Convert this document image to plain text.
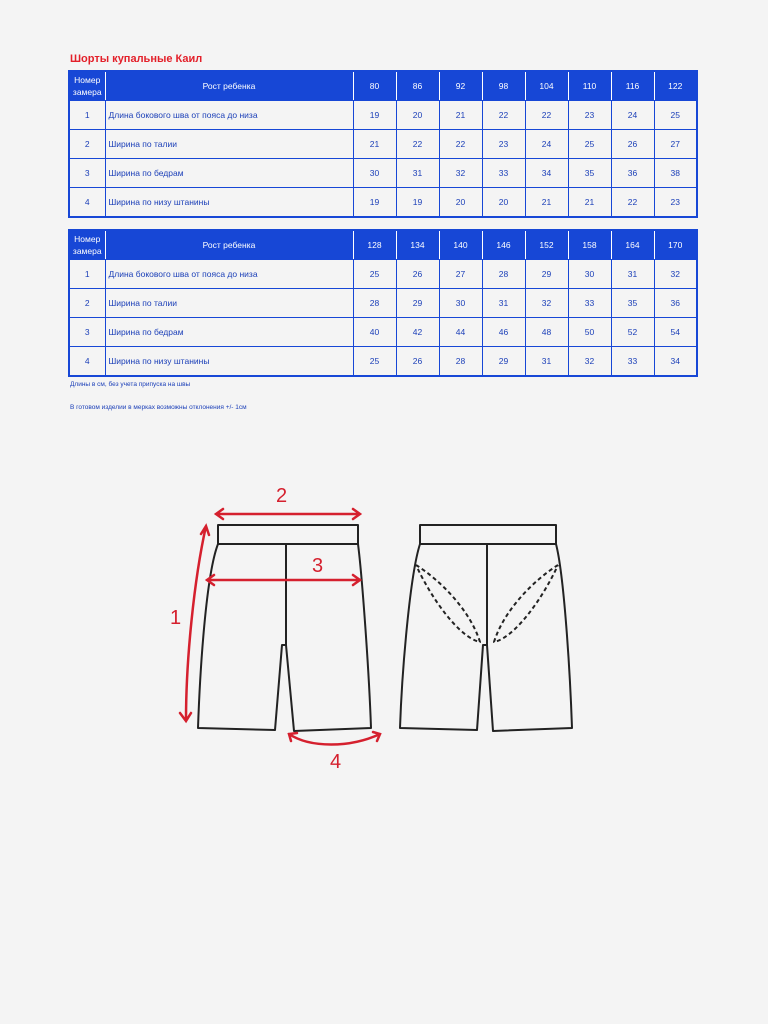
Шорты купальные Каил
Номер замера	Рост ребенка	80	86	92	98	104	110	116	122
1	Длина бокового шва от пояса до низа	19	20	21	22	22	23	24	25
2	Ширина по талии	21	22	22	23	24	25	26	27
3	Ширина по бедрам	30	31	32	33	34	35	36	38
4	Ширина по низу штанины	19	19	20	20	21	21	22	23
Номер замера	Рост ребенка	128	134	140	146	152	158	164	170
1	Длина бокового шва от пояса до низа	25	26	27	28	29	30	31	32
2	Ширина по талии	28	29	30	31	32	33	35	36
3	Ширина по бедрам	40	42	44	46	48	50	52	54
4	Ширина по низу штанины	25	26	28	29	31	32	33	34
Длины в см, без учета припуска на швы
В готовом изделии в мерках возможны отклонения +/- 1см
1
2
3
4
